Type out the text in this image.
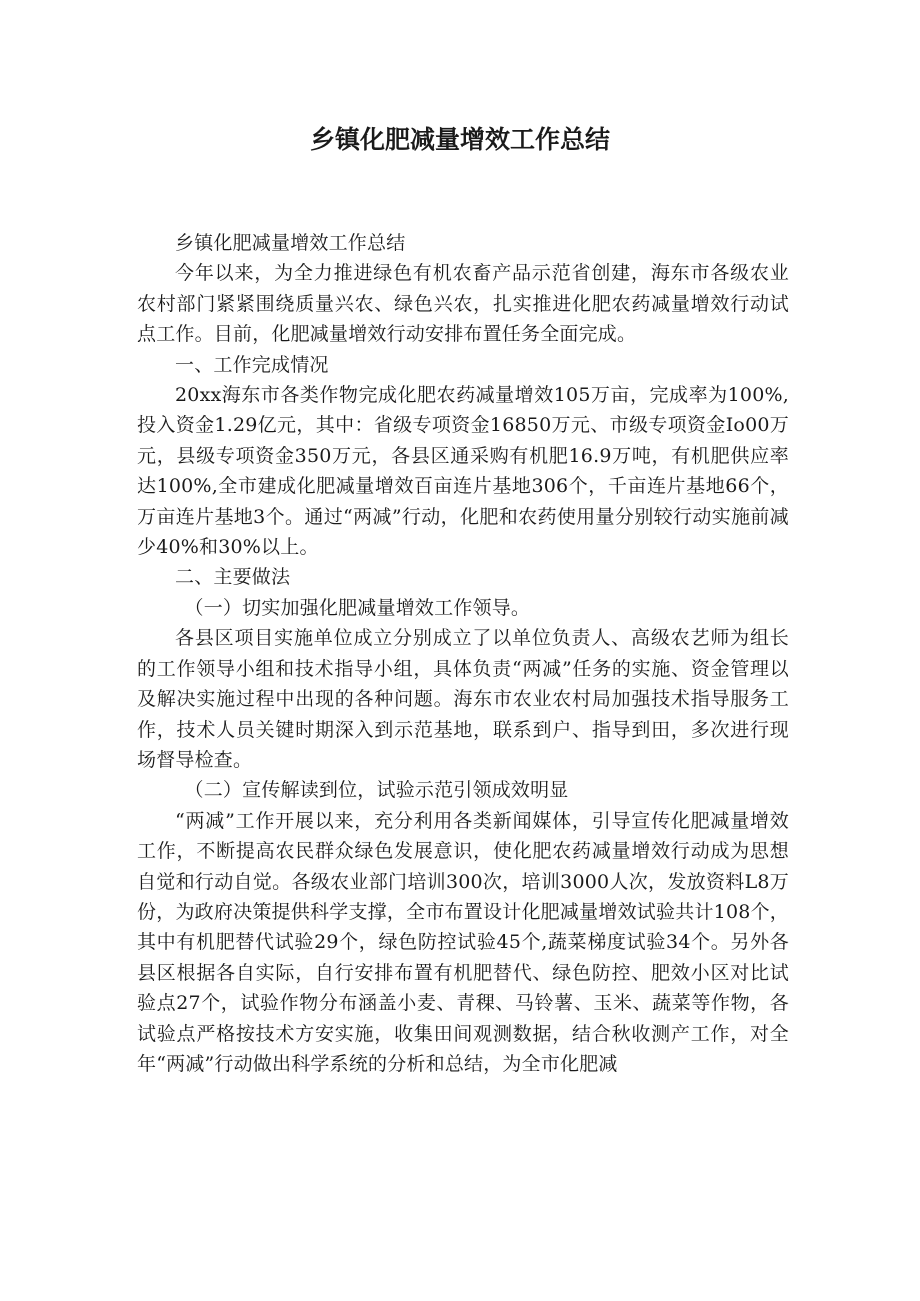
乡镇化肥减量增效工作总结

乡镇化肥减量增效工作总结

今年以来，为全力推进绿色有机农畜产品示范省创建，海东市各级农业农村部门紧紧围绕质量兴农、绿色兴农，扎实推进化肥农药减量增效行动试点工作。目前，化肥减量增效行动安排布置任务全面完成。

一、工作完成情况

20xx海东市各类作物完成化肥农药减量增效105万亩，完成率为100%,投入资金1.29亿元，其中：省级专项资金16850万元、市级专项资金Io00万元，县级专项资金350万元，各县区通采购有机肥16.9万吨，有机肥供应率达100%,全市建成化肥减量增效百亩连片基地306个，千亩连片基地66个，万亩连片基地3个。通过“两减”行动，化肥和农药使用量分别较行动实施前减少40%和30%以上。

二、主要做法

（一）切实加强化肥减量增效工作领导。

各县区项目实施单位成立分别成立了以单位负责人、高级农艺师为组长的工作领导小组和技术指导小组，具体负责“两减”任务的实施、资金管理以及解决实施过程中出现的各种问题。海东市农业农村局加强技术指导服务工作，技术人员关键时期深入到示范基地，联系到户、指导到田，多次进行现场督导检查。

（二）宣传解读到位，试验示范引领成效明显

“两减”工作开展以来，充分利用各类新闻媒体，引导宣传化肥减量增效工作，不断提高农民群众绿色发展意识，使化肥农药减量增效行动成为思想自觉和行动自觉。各级农业部门培训300次，培训3000人次，发放资料L8万份，为政府决策提供科学支撑，全市布置设计化肥减量增效试验共计108个，其中有机肥替代试验29个，绿色防控试验45个,蔬菜梯度试验34个。另外各县区根据各自实际，自行安排布置有机肥替代、绿色防控、肥效小区对比试验点27个，试验作物分布涵盖小麦、青稞、马铃薯、玉米、蔬菜等作物，各试验点严格按技术方安实施，收集田间观测数据，结合秋收测产工作，对全年“两减”行动做出科学系统的分析和总结，为全市化肥减
